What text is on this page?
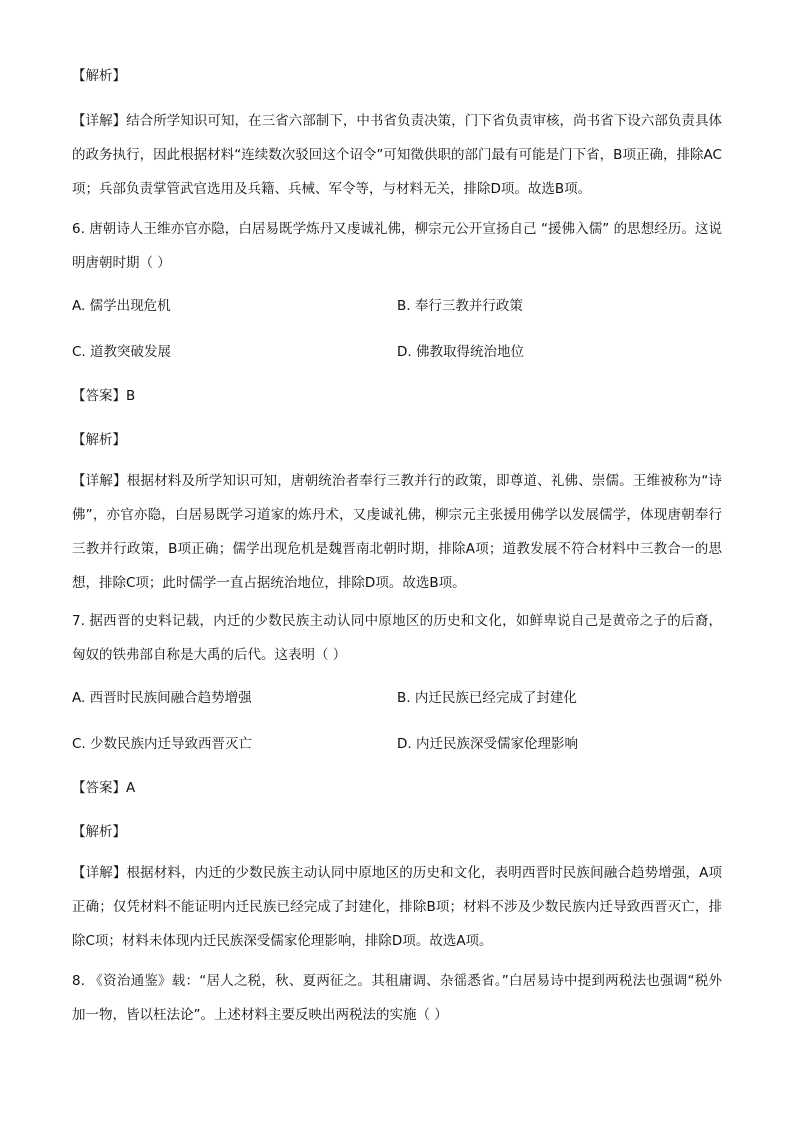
【解析】
【详解】结合所学知识可知，在三省六部制下，中书省负责决策，门下省负责审核，尚书省下设六部负责具体的政务执行，因此根据材料“连续数次驳回这个诏令”可知徵供职的部门最有可能是门下省，B项正确，排除AC项；兵部负责掌管武官选用及兵籍、兵械、军令等，与材料无关，排除D项。故选B项。
6. 唐朝诗人王维亦官亦隐，白居易既学炼丹又虔诚礼佛，柳宗元公开宣扬自己 “援佛入儒” 的思想经历。这说明唐朝时期（ ）
A. 儒学出现危机	B. 奉行三教并行政策
C. 道教突破发展	D. 佛教取得统治地位
【答案】B
【解析】
【详解】根据材料及所学知识可知，唐朝统治者奉行三教并行的政策，即尊道、礼佛、崇儒。王维被称为“诗佛”，亦官亦隐，白居易既学习道家的炼丹术，又虔诚礼佛，柳宗元主张援用佛学以发展儒学，体现唐朝奉行三教并行政策，B项正确；儒学出现危机是魏晋南北朝时期，排除A项；道教发展不符合材料中三教合一的思想，排除C项；此时儒学一直占据统治地位，排除D项。故选B项。
7. 据西晋的史料记载，内迁的少数民族主动认同中原地区的历史和文化，如鲜卑说自己是黄帝之子的后裔，匈奴的铁弗部自称是大禹的后代。这表明（ ）
A. 西晋时民族间融合趋势增强	B. 内迁民族已经完成了封建化
C. 少数民族内迁导致西晋灭亡	D. 内迁民族深受儒家伦理影响
【答案】A
【解析】
【详解】根据材料，内迁的少数民族主动认同中原地区的历史和文化，表明西晋时民族间融合趋势增强，A项正确；仅凭材料不能证明内迁民族已经完成了封建化，排除B项；材料不涉及少数民族内迁导致西晋灭亡，排除C项；材料未体现内迁民族深受儒家伦理影响，排除D项。故选A项。
8. 《资治通鉴》载：“居人之税，秋、夏两征之。其租庸调、杂徭悉省。”白居易诗中提到两税法也强调“税外加一物，皆以枉法论”。上述材料主要反映出两税法的实施（ ）
